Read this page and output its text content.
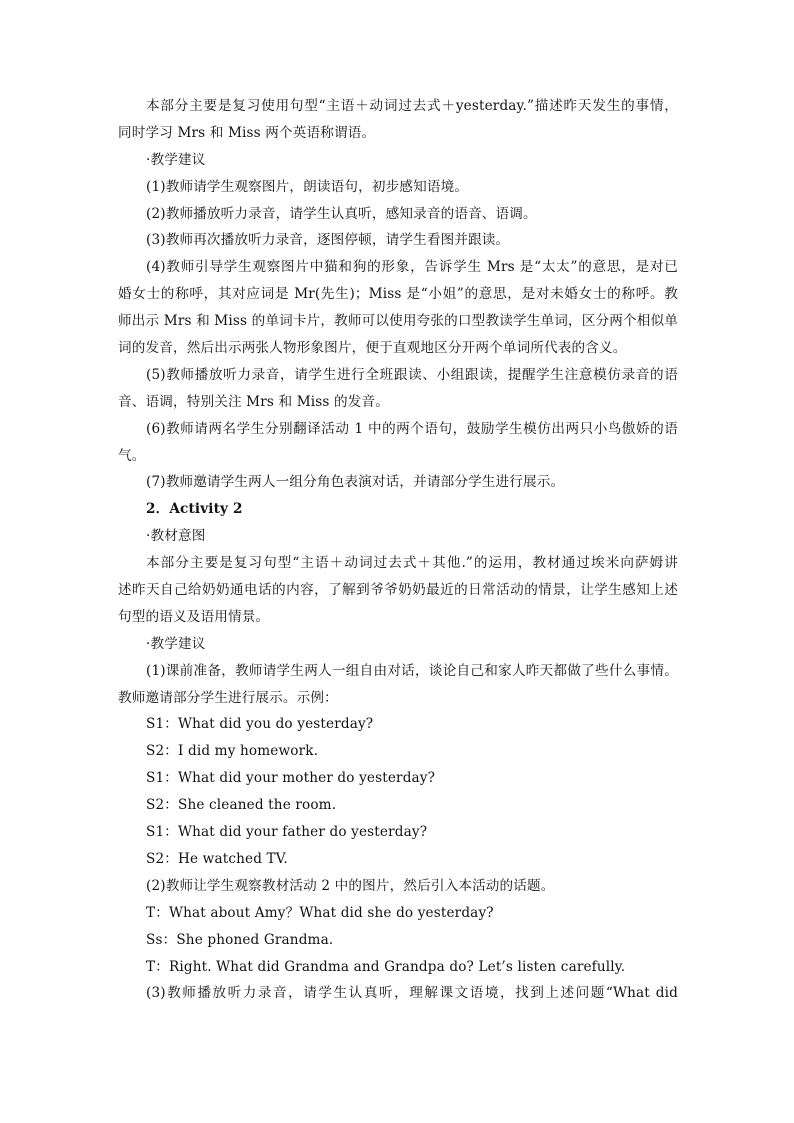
本部分主要是复习使用句型“主语＋动词过去式＋yesterday.”描述昨天发生的事情，
同时学习 Mrs 和 Miss 两个英语称谓语。
·教学建议
(1)教师请学生观察图片，朗读语句，初步感知语境。
(2)教师播放听力录音，请学生认真听，感知录音的语音、语调。
(3)教师再次播放听力录音，逐图停顿，请学生看图并跟读。
(4)教师引导学生观察图片中猫和狗的形象，告诉学生 Mrs 是“太太”的意思，是对已
婚女士的称呼，其对应词是 Mr(先生)；Miss 是“小姐”的意思，是对未婚女士的称呼。教
师出示 Mrs 和 Miss 的单词卡片，教师可以使用夸张的口型教读学生单词，区分两个相似单
词的发音，然后出示两张人物形象图片，便于直观地区分开两个单词所代表的含义。
(5)教师播放听力录音，请学生进行全班跟读、小组跟读，提醒学生注意模仿录音的语
音、语调，特别关注 Mrs 和 Miss 的发音。
(6)教师请两名学生分别翻译活动 1 中的两个语句，鼓励学生模仿出两只小鸟傲娇的语
气。
(7)教师邀请学生两人一组分角色表演对话，并请部分学生进行展示。
2．Activity 2
·教材意图
本部分主要是复习句型“主语＋动词过去式＋其他.”的运用，教材通过埃米向萨姆讲
述昨天自己给奶奶通电话的内容，了解到爷爷奶奶最近的日常活动的情景，让学生感知上述
句型的语义及语用情景。
·教学建议
(1)课前准备，教师请学生两人一组自由对话，谈论自己和家人昨天都做了些什么事情。
教师邀请部分学生进行展示。示例：
S1：What did you do yesterday?
S2：I did my homework.
S1：What did your mother do yesterday?
S2：She cleaned the room.
S1：What did your father do yesterday?
S2：He watched TV.
(2)教师让学生观察教材活动 2 中的图片，然后引入本活动的话题。
T：What about Amy？What did she do yesterday?
Ss：She phoned Grandma.
T：Right. What did Grandma and Grandpa do? Let’s listen carefully.
(3)教师播放听力录音，请学生认真听，理解课文语境，找到上述问题“What did
